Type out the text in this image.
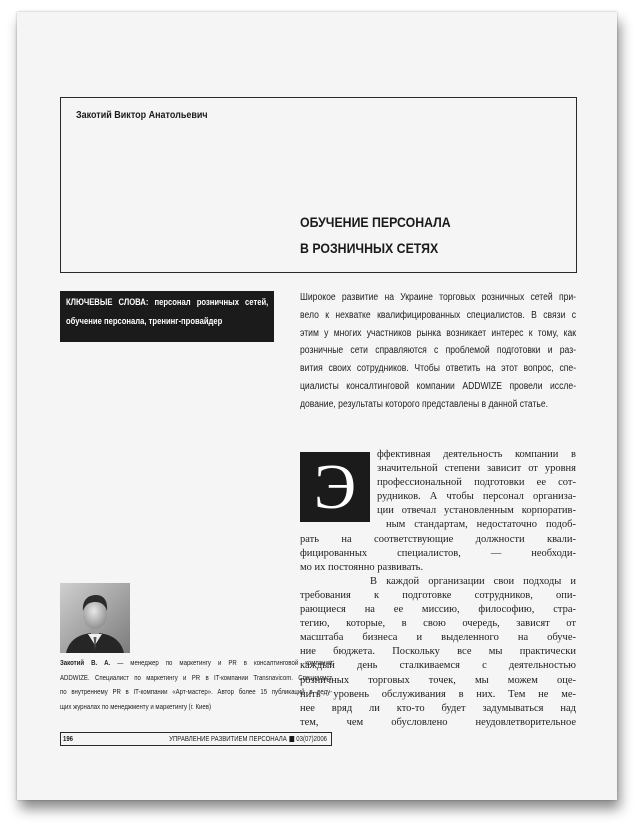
Закотий Виктор Анатольевич
ОБУЧЕНИЕ ПЕРСОНАЛА
В РОЗНИЧНЫХ СЕТЯХ
КЛЮЧЕВЫЕ СЛОВА: персонал розничных сетей,
обучение персонала, тренинг-провайдер
Широкое развитие на Украине торговых розничных сетей при-
вело к нехватке квалифицированных специалистов. В связи с
этим у многих участников рынка возникает интерес к тому, как
розничные сети справляются с проблемой подготовки и раз-
вития своих сотрудников. Чтобы ответить на этот вопрос, спе-
циалисты консалтинговой компании ADDWIZE провели иссле-
дование, результаты которого представлены в данной статье.
Э	ффективная деятельность компании в
значительной степени зависит от уровня
профессиональной подготовки ее сот-
рудников. А чтобы персонал организа-
ции отвечал установленным корпоратив-
ным стандартам, недостаточно подоб-
рать на соответствующие должности квали-
фицированных специалистов, — необходи-
мо их постоянно развивать.
В каждой организации свои подходы и
требования к подготовке сотрудников, опи-
рающиеся на ее миссию, философию, стра-
тегию, которые, в свою очередь, зависят от
масштаба бизнеса и выделенного на обуче-
ние бюджета. Поскольку все мы практически
каждый день сталкиваемся с деятельностью
розничных торговых точек, мы можем оце-
нить уровень обслуживания в них. Тем не ме-
нее вряд ли кто-то будет задумываться над
тем, чем обусловлено неудовлетворительное
Закотий В. А. — менеджер по маркетингу и PR в консалтинговой компании
ADDWIZE. Специалист по маркетингу и PR в IT-компании Transnavicom. Специалист
по внутреннему PR в IT-компании «Арт-мастер». Автор более 15 публикаций в веду-
щих журналах по менеджменту и маркетингу (г. Киев)
196	УПРАВЛЕНИЕ РАЗВИТИЕМ ПЕРСОНАЛА 03(07)2006
